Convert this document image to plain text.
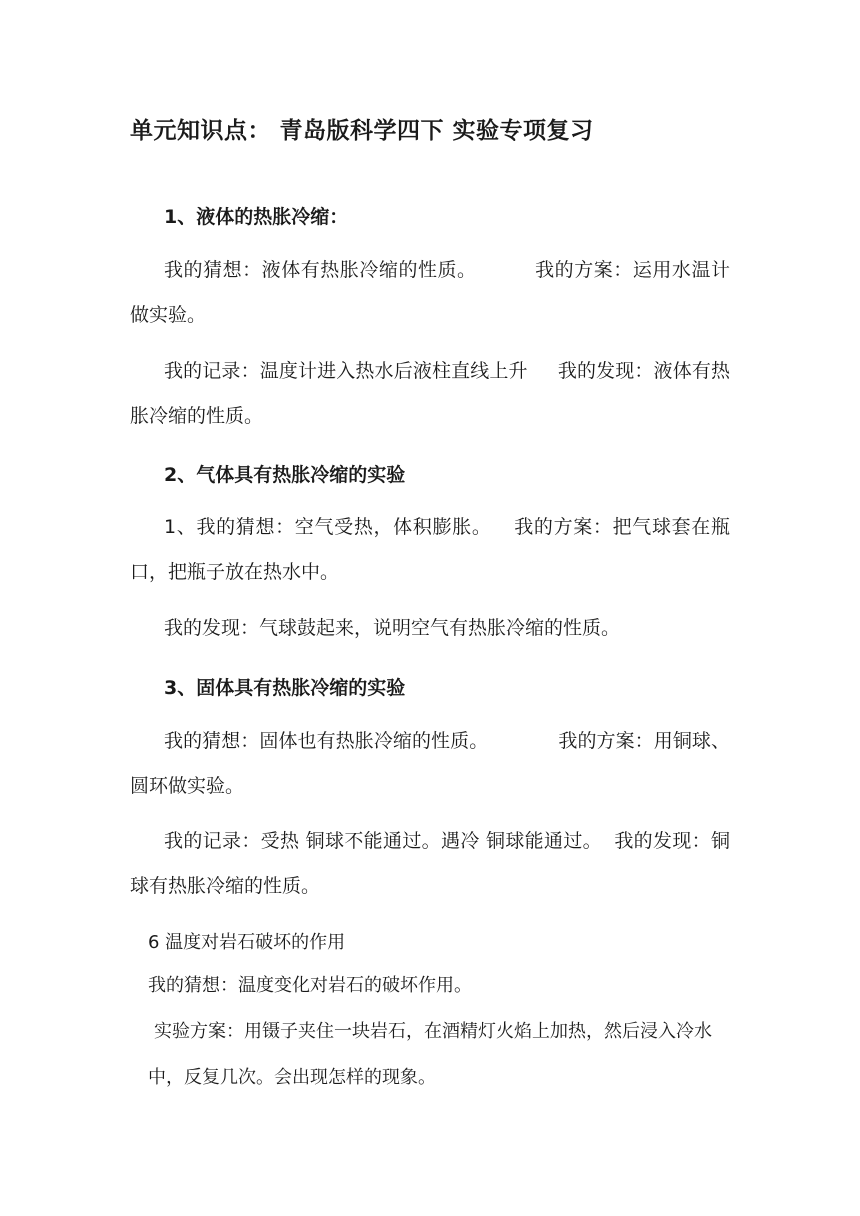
单元知识点： 青岛版科学四下 实验专项复习
1、液体的热胀冷缩：

我的猜想：液体有热胀冷缩的性质。	我的方案：运用水温计做实验。

我的记录：温度计进入热水后液柱直线上升 我的发现：液体有热胀冷缩的性质。

2、气体具有热胀冷缩的实验

1、我的猜想：空气受热，体积膨胀。 我的方案：把气球套在瓶口，把瓶子放在热水中。

我的发现：气球鼓起来，说明空气有热胀冷缩的性质。

3、固体具有热胀冷缩的实验

我的猜想：固体也有热胀冷缩的性质。	我的方案：用铜球、圆环做实验。

我的记录：受热 铜球不能通过。遇冷 铜球能通过。 我的发现：铜球有热胀冷缩的性质。

6 温度对岩石破坏的作用

我的猜想：温度变化对岩石的破坏作用。

实验方案：用镊子夹住一块岩石，在酒精灯火焰上加热，然后浸入冷水中，反复几次。会出现怎样的现象。
